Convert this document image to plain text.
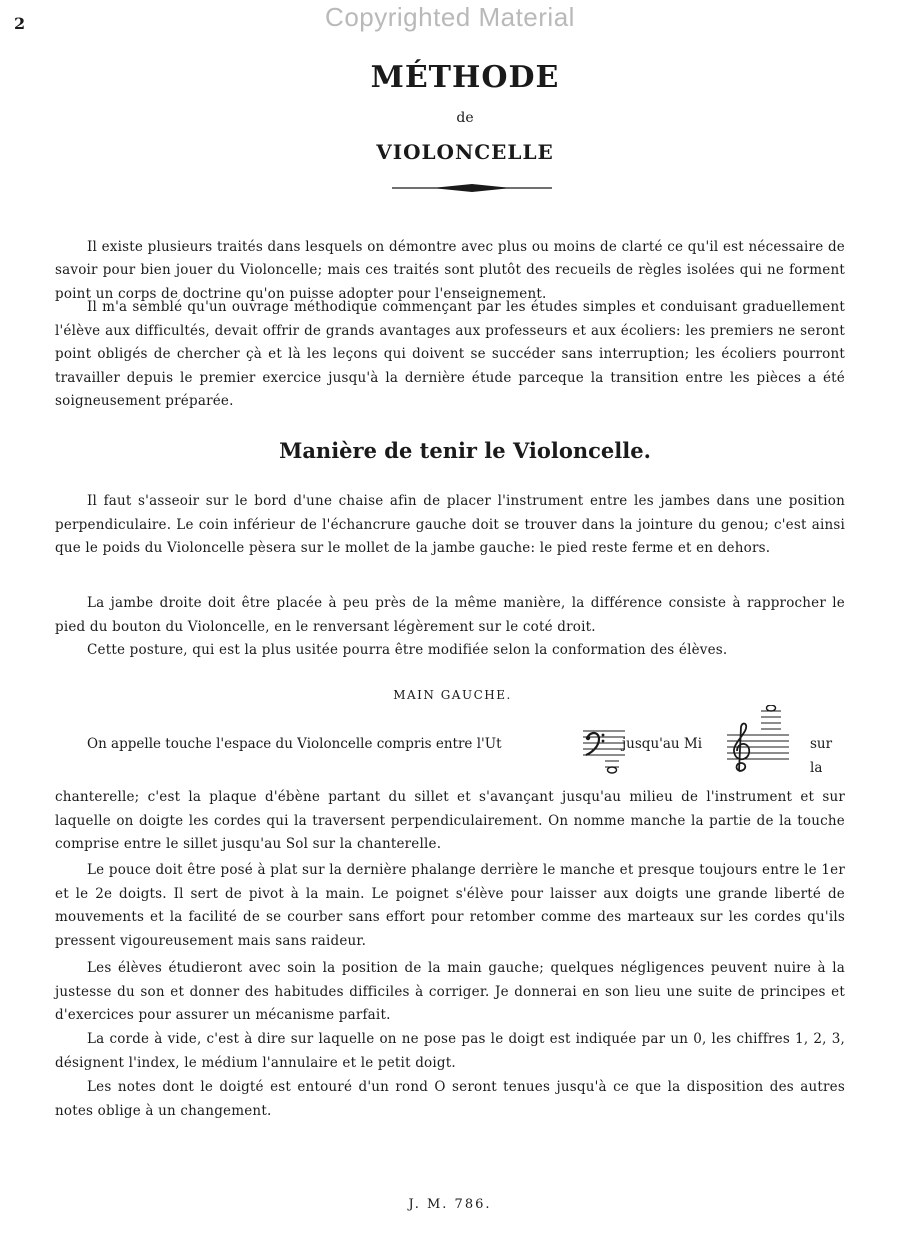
Copyrighted Material
2
MÉTHODE
de
VIOLONCELLE

Il existe plusieurs traités dans lesquels on démontre avec plus ou moins de clarté ce qu'il est nécessaire de savoir pour bien jouer du Violoncelle; mais ces traités sont plutôt des recueils de règles isolées qui ne forment point un corps de doctrine qu'on puisse adopter pour l'enseignement.

Il m'a semblé qu'un ouvrage méthodique commençant par les études simples et conduisant graduellement l'élève aux difficultés, devait offrir de grands avantages aux professeurs et aux écoliers: les premiers ne seront point obligés de chercher çà et là les leçons qui doivent se succéder sans interruption; les écoliers pourront travailler depuis le premier exercice jusqu'à la dernière étude parceque la transition entre les pièces a été soigneusement préparée.

Manière de tenir le Violoncelle.

Il faut s'asseoir sur le bord d'une chaise afin de placer l'instrument entre les jambes dans une position perpendiculaire. Le coin inférieur de l'échancrure gauche doit se trouver dans la jointure du genou; c'est ainsi que le poids du Violoncelle pèsera sur le mollet de la jambe gauche: le pied reste ferme et en dehors.

La jambe droite doit être placée à peu près de la même manière, la différence consiste à rapprocher le pied du bouton du Violoncelle, en le renversant légèrement sur le coté droit.

Cette posture, qui est la plus usitée pourra être modifiée selon la conformation des élèves.

MAIN GAUCHE.
On appelle touche l'espace du Violoncelle compris entre l'Ut	jusqu'au Mi	sur la

chanterelle; c'est la plaque d'ébène partant du sillet et s'avançant jusqu'au milieu de l'instrument et sur laquelle on doigte les cordes qui la traversent perpendiculairement. On nomme manche la partie de la touche comprise entre le sillet jusqu'au Sol sur la chanterelle.

Le pouce doit être posé à plat sur la dernière phalange derrière le manche et presque toujours entre le 1er et le 2e doigts. Il sert de pivot à la main. Le poignet s'élève pour laisser aux doigts une grande liberté de mouvements et la facilité de se courber sans effort pour retomber comme des marteaux sur les cordes qu'ils pressent vigoureusement mais sans raideur.

Les élèves étudieront avec soin la position de la main gauche; quelques négligences peuvent nuire à la justesse du son et donner des habitudes difficiles à corriger. Je donnerai en son lieu une suite de principes et d'exercices pour assurer un mécanisme parfait.

La corde à vide, c'est à dire sur laquelle on ne pose pas le doigt est indiquée par un 0, les chiffres 1, 2, 3, désignent l'index, le médium l'annulaire et le petit doigt.

Les notes dont le doigté est entouré d'un rond O seront tenues jusqu'à ce que la disposition des autres notes oblige à un changement.

J. M. 786.
